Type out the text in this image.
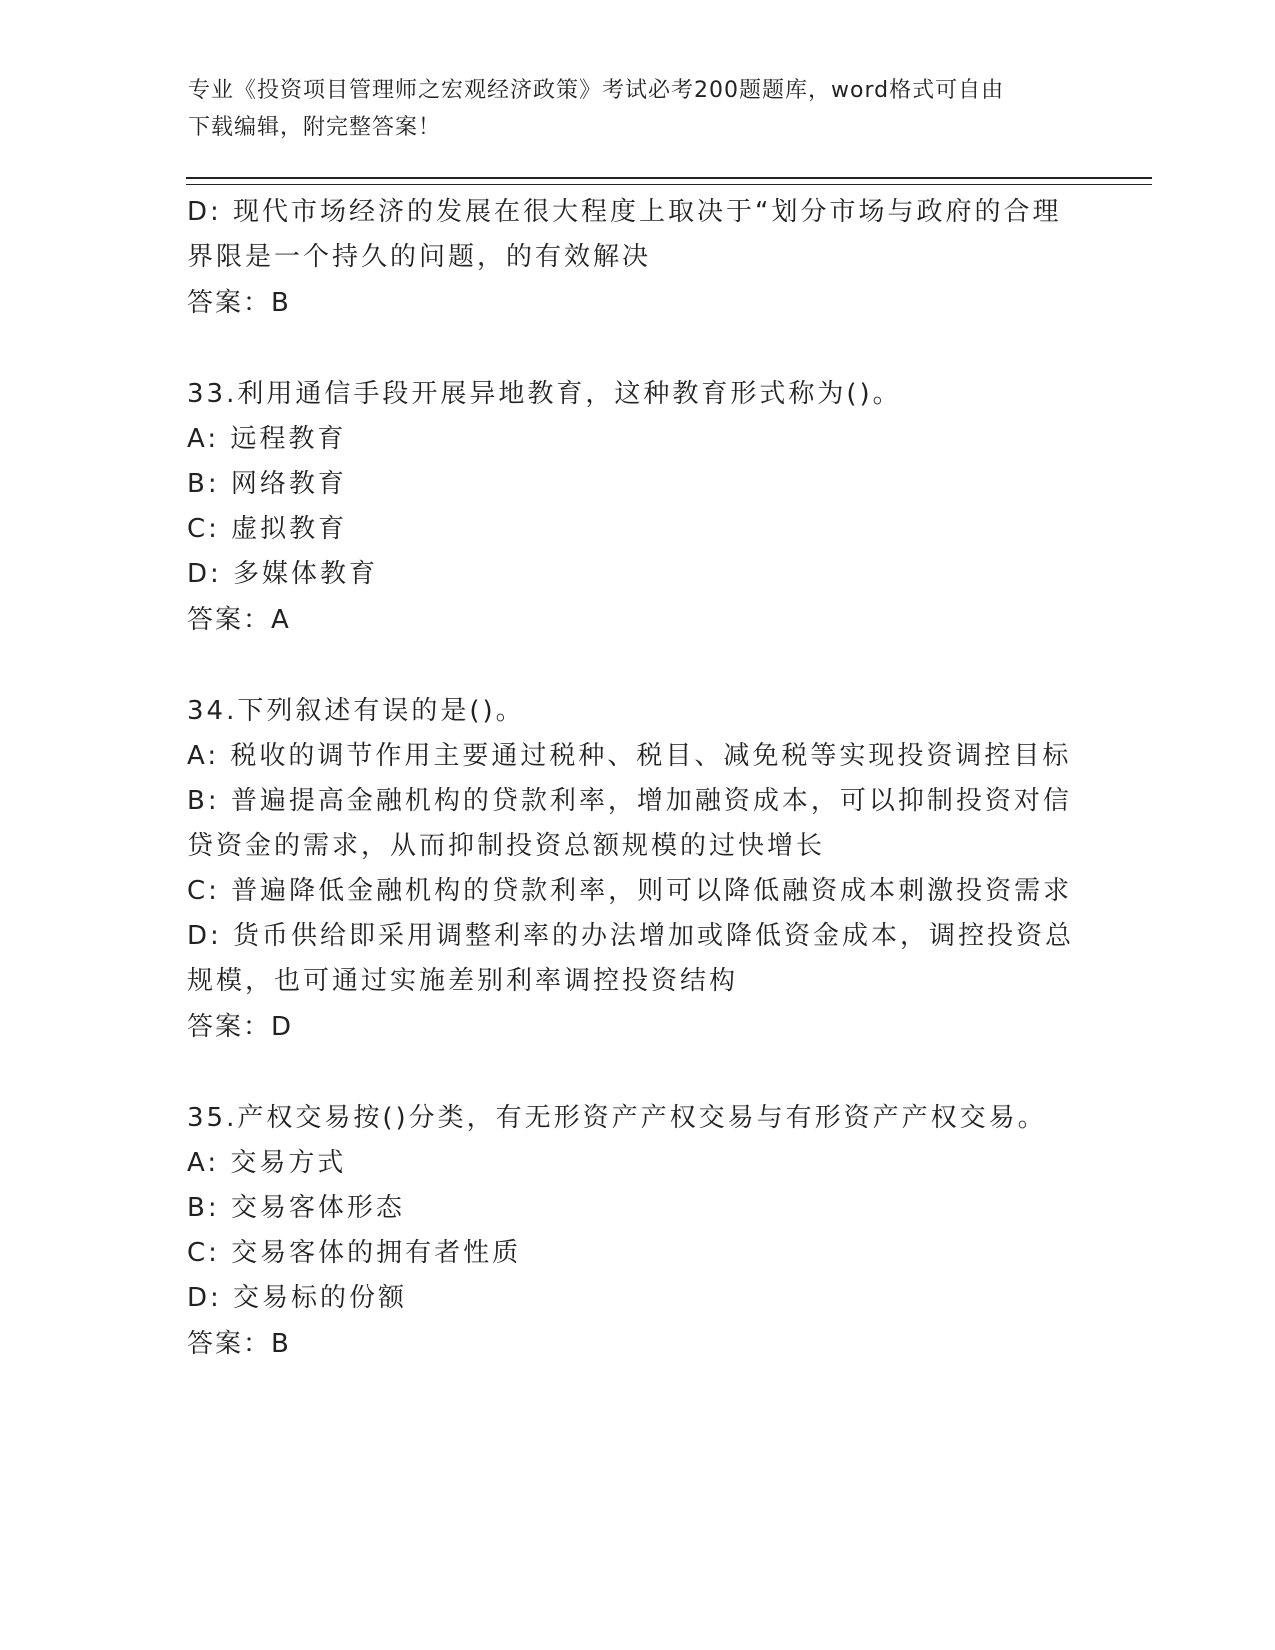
专业《投资项目管理师之宏观经济政策》考试必考200题题库，word格式可自由
下载编辑，附完整答案！
D: 现代市场经济的发展在很大程度上取决于“划分市场与政府的合理
界限是一个持久的问题，的有效解决
答案：B
33.利用通信手段开展异地教育，这种教育形式称为()。
A: 远程教育
B: 网络教育
C: 虚拟教育
D: 多媒体教育
答案：A
34.下列叙述有误的是()。
A: 税收的调节作用主要通过税种、税目、减免税等实现投资调控目标
B: 普遍提高金融机构的贷款利率，增加融资成本，可以抑制投资对信
贷资金的需求，从而抑制投资总额规模的过快增长
C: 普遍降低金融机构的贷款利率，则可以降低融资成本刺激投资需求
D: 货币供给即采用调整利率的办法增加或降低资金成本，调控投资总
规模，也可通过实施差别利率调控投资结构
答案：D
35.产权交易按()分类，有无形资产产权交易与有形资产产权交易。
A: 交易方式
B: 交易客体形态
C: 交易客体的拥有者性质
D: 交易标的份额
答案：B
